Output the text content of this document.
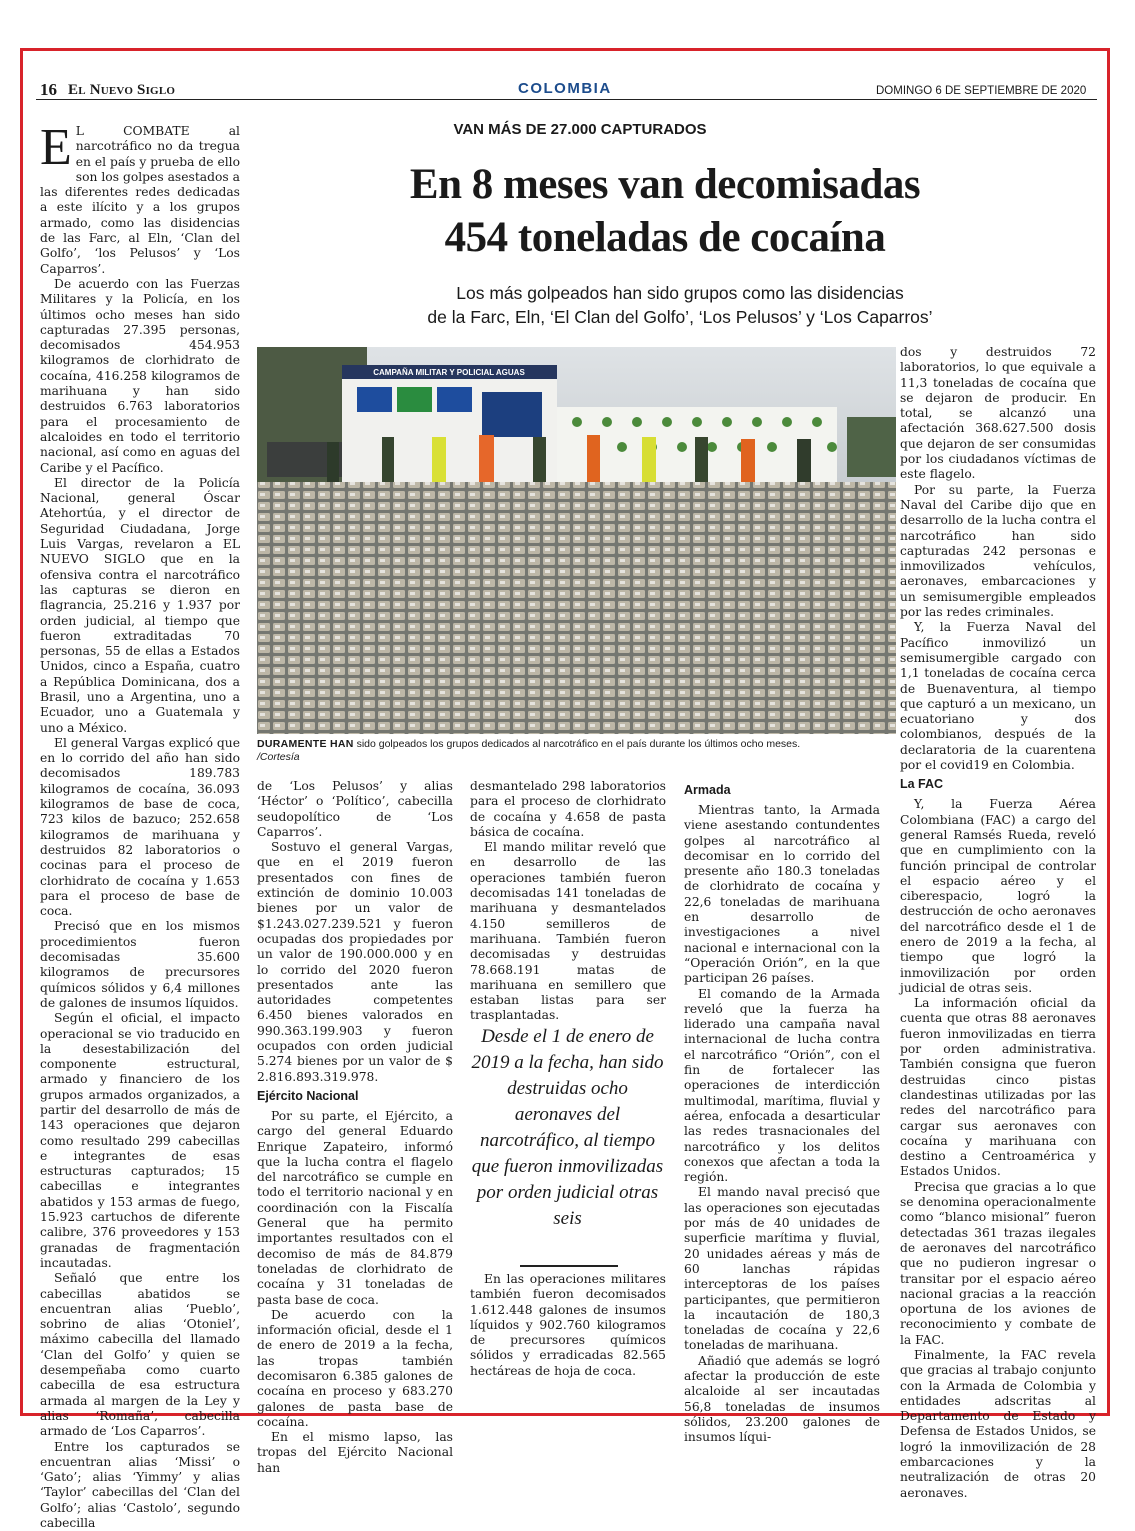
16 El Nuevo Siglo	COLOMBIA	DOMINGO 6 DE SEPTIEMBRE DE 2020
VAN MÁS DE 27.000 CAPTURADOS
En 8 meses van decomisadas
454 toneladas de cocaína
Los más golpeados han sido grupos como las disidencias
de la Farc, Eln, ‘El Clan del Golfo’, ‘Los Pelusos’ y ‘Los Caparros’
CAMPAÑA MILITAR Y POLICIAL AGUAS
DURAMENTE HAN sido golpeados los grupos dedicados al narcotráfico en el país durante los últimos ocho meses.
/Cortesía

E L COMBATE al narcotráfico no da tregua en el país y prueba de ello son los golpes asestados a las diferentes redes dedicadas a este ilícito y a los grupos armado, como las disidencias de las Farc, al Eln, ‘Clan del Golfo’, ‘los Pelusos’ y ‘Los Caparros’.

De acuerdo con las Fuerzas Militares y la Policía, en los últimos ocho meses han sido capturadas 27.395 personas, decomisados 454.953 kilogramos de clorhidrato de cocaína, 416.258 kilogramos de marihuana y han sido destruidos 6.763 laboratorios para el procesamiento de alcaloides en todo el territorio nacional, así como en aguas del Caribe y el Pacífico.

El director de la Policía Nacional, general Óscar Atehortúa, y el director de Seguridad Ciudadana, Jorge Luis Vargas, revelaron a EL NUEVO SIGLO que en la ofensiva contra el narcotráfico las capturas se dieron en flagrancia, 25.216 y 1.937 por orden judicial, al tiempo que fueron extraditadas 70 personas, 55 de ellas a Estados Unidos, cinco a España, cuatro a República Dominicana, dos a Brasil, uno a Argentina, uno a Ecuador, uno a Guatemala y uno a México.

El general Vargas explicó que en lo corrido del año han sido decomisados 189.783 kilogramos de cocaína, 36.093 kilogramos de base de coca, 723 kilos de bazuco; 252.658 kilogramos de marihuana y destruidos 82 laboratorios o cocinas para el proceso de clorhidrato de cocaína y 1.653 para el proceso de base de coca.

Precisó que en los mismos procedimientos fueron decomisadas 35.600 kilogramos de precursores químicos sólidos y 6,4 millones de galones de insumos líquidos.

Según el oficial, el impacto operacional se vio traducido en la desestabilización del componente estructural, armado y financiero de los grupos armados organizados, a partir del desarrollo de más de 143 operaciones que dejaron como resultado 299 cabecillas e integrantes de esas estructuras capturados; 15 cabecillas e integrantes abatidos y 153 armas de fuego, 15.923 cartuchos de diferente calibre, 376 proveedores y 153 granadas de fragmentación incautadas.

Señaló que entre los cabecillas abatidos se encuentran alias ‘Pueblo’, sobrino de alias ‘Otoniel’, máximo cabecilla del llamado ‘Clan del Golfo’ y quien se desempeñaba como cuarto cabecilla de esa estructura armada al margen de la Ley y alias ‘Romaña’, cabecilla armado de ‘Los Caparros’.

Entre los capturados se encuentran alias ‘Missi’ o ‘Gato’; alias ‘Yimmy’ y alias ‘Taylor’ cabecillas del ‘Clan del Golfo’; alias ‘Castolo’, segundo cabecilla

de ‘Los Pelusos’ y alias ‘Héctor’ o ‘Político’, cabecilla seudopolítico de ‘Los Caparros’.

Sostuvo el general Vargas, que en el 2019 fueron presentados con fines de extinción de dominio 10.003 bienes por un valor de $1.243.027.239.521 y fueron ocupadas dos propiedades por un valor de 190.000.000 y en lo corrido del 2020 fueron presentados ante las autoridades competentes 6.450 bienes valorados en 990.363.199.903 y fueron ocupados con orden judicial 5.274 bienes por un valor de $ 2.816.893.319.978.

Ejército Nacional

Por su parte, el Ejército, a cargo del general Eduardo Enrique Zapateiro, informó que la lucha contra el flagelo del narcotráfico se cumple en todo el territorio nacional y en coordinación con la Fiscalía General que ha permito importantes resultados con el decomiso de más de 84.879 toneladas de clorhidrato de cocaína y 31 toneladas de pasta base de coca.

De acuerdo con la información oficial, desde el 1 de enero de 2019 a la fecha, las tropas también decomisaron 6.385 galones de cocaína en proceso y 683.270 galones de pasta base de cocaína.

En el mismo lapso, las tropas del Ejército Nacional han

desmantelado 298 laboratorios para el proceso de clorhidrato de cocaína y 4.658 de pasta básica de cocaína.

El mando militar reveló que en desarrollo de las operaciones también fueron decomisadas 141 toneladas de marihuana y desmantelados 4.150 semilleros de marihuana. También fueron decomisadas y destruidas 78.668.191 matas de marihuana en semillero que estaban listas para ser trasplantadas.

Desde el 1 de enero de 2019 a la fecha, han sido destruidas ocho aeronaves del narcotráfico, al tiempo que fueron inmovilizadas por orden judicial otras seis

En las operaciones militares también fueron decomisados 1.612.448 galones de insumos líquidos y 902.760 kilogramos de precursores químicos sólidos y erradicadas 82.565 hectáreas de hoja de coca.

Armada

Mientras tanto, la Armada viene asestando contundentes golpes al narcotráfico al decomisar en lo corrido del presente año 180.3 toneladas de clorhidrato de cocaína y 22,6 toneladas de marihuana en desarrollo de investigaciones a nivel nacional e internacional con la “Operación Orión”, en la que participan 26 países.

El comando de la Armada reveló que la fuerza ha liderado una campaña naval internacional de lucha contra el narcotráfico “Orión”, con el fin de fortalecer las operaciones de interdicción multimodal, marítima, fluvial y aérea, enfocada a desarticular las redes trasnacionales del narcotráfico y los delitos conexos que afectan a toda la región.

El mando naval precisó que las operaciones son ejecutadas por más de 40 unidades de superficie marítima y fluvial, 20 unidades aéreas y más de 60 lanchas rápidas interceptoras de los países participantes, que permitieron la incautación de 180,3 toneladas de cocaína y 22,6 toneladas de marihuana.

Añadió que además se logró afectar la producción de este alcaloide al ser incautadas 56,8 toneladas de insumos sólidos, 23.200 galones de insumos líqui-

dos y destruidos 72 laboratorios, lo que equivale a 11,3 toneladas de cocaína que se dejaron de producir. En total, se alcanzó una afectación 368.627.500 dosis que dejaron de ser consumidas por los ciudadanos víctimas de este flagelo.

Por su parte, la Fuerza Naval del Caribe dijo que en desarrollo de la lucha contra el narcotráfico han sido capturadas 242 personas e inmovilizados vehículos, aeronaves, embarcaciones y un semisumergible empleados por las redes criminales.

Y, la Fuerza Naval del Pacífico inmovilizó un semisumergible cargado con 1,1 toneladas de cocaína cerca de Buenaventura, al tiempo que capturó a un mexicano, un ecuatoriano y dos colombianos, después de la declaratoria de la cuarentena por el covid19 en Colombia.

La FAC

Y, la Fuerza Aérea Colombiana (FAC) a cargo del general Ramsés Rueda, reveló que en cumplimiento con la función principal de controlar el espacio aéreo y el ciberespacio, logró la destrucción de ocho aeronaves del narcotráfico desde el 1 de enero de 2019 a la fecha, al tiempo que logró la inmovilización por orden judicial de otras seis.

La información oficial da cuenta que otras 88 aeronaves fueron inmovilizadas en tierra por orden administrativa. También consigna que fueron destruidas cinco pistas clandestinas utilizadas por las redes del narcotráfico para cargar sus aeronaves con cocaína y marihuana con destino a Centroamérica y Estados Unidos.

Precisa que gracias a lo que se denomina operacionalmente como “blanco misional” fueron detectadas 361 trazas ilegales de aeronaves del narcotráfico que no pudieron ingresar o transitar por el espacio aéreo nacional gracias a la reacción oportuna de los aviones de reconocimiento y combate de la FAC.

Finalmente, la FAC revela que gracias al trabajo conjunto con la Armada de Colombia y entidades adscritas al Departamento de Estado y Defensa de Estados Unidos, se logró la inmovilización de 28 embarcaciones y la neutralización de otras 20 aeronaves.
